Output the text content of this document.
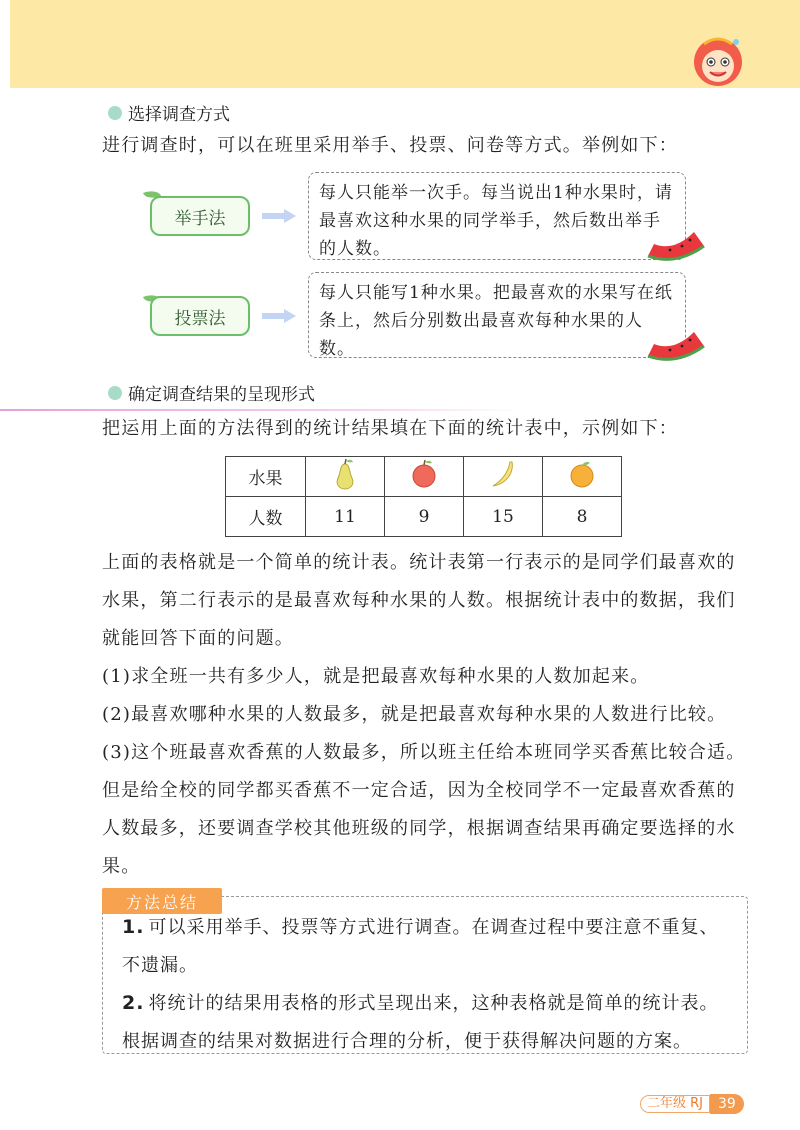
选择调查方式
进行调查时，可以在班里采用举手、投票、问卷等方式。举例如下：
举手法
每人只能举一次手。每当说出1种水果时，请最喜欢这种水果的同学举手，然后数出举手的人数。
投票法
每人只能写1种水果。把最喜欢的水果写在纸条上，然后分别数出最喜欢每种水果的人数。
确定调查结果的呈现形式
把运用上面的方法得到的统计结果填在下面的统计表中，示例如下：
水果				
人数	11	9	15	8
上面的表格就是一个简单的统计表。统计表第一行表示的是同学们最喜欢的水果，第二行表示的是最喜欢每种水果的人数。根据统计表中的数据，我们就能回答下面的问题。
(1)求全班一共有多少人，就是把最喜欢每种水果的人数加起来。
(2)最喜欢哪种水果的人数最多，就是把最喜欢每种水果的人数进行比较。
(3)这个班最喜欢香蕉的人数最多，所以班主任给本班同学买香蕉比较合适。但是给全校的同学都买香蕉不一定合适，因为全校同学不一定最喜欢香蕉的人数最多，还要调查学校其他班级的同学，根据调查结果再确定要选择的水果。
方法总结
1. 可以采用举手、投票等方式进行调查。在调查过程中要注意不重复、不遗漏。
2. 将统计的结果用表格的形式呈现出来，这种表格就是简单的统计表。根据调查的结果对数据进行合理的分析，便于获得解决问题的方案。
二年级 RJ	39
